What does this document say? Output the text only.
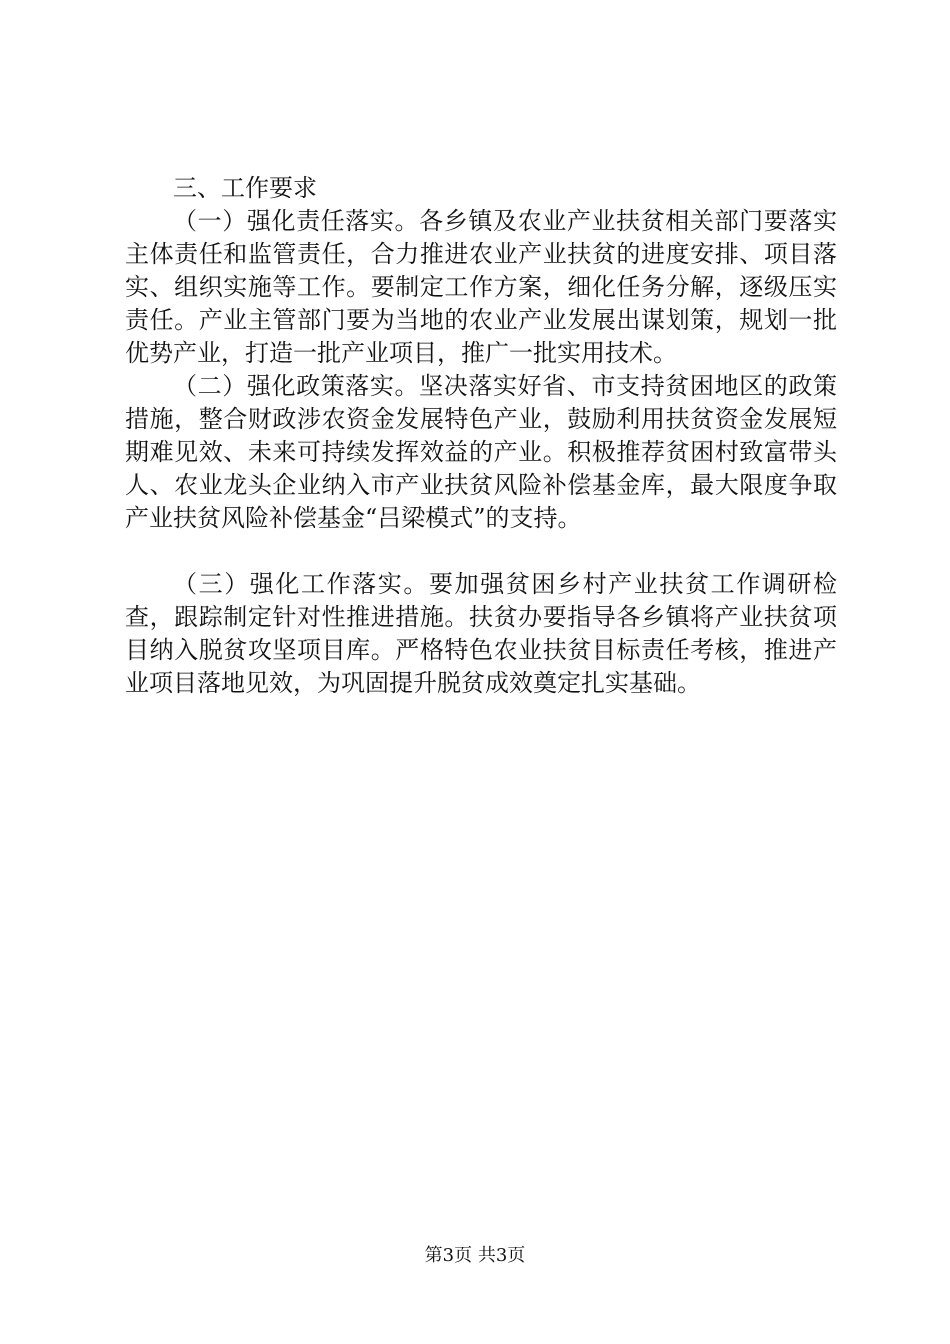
三、工作要求

（一）强化责任落实。各乡镇及农业产业扶贫相关部门要落实主体责任和监管责任，合力推进农业产业扶贫的进度安排、项目落实、组织实施等工作。要制定工作方案，细化任务分解，逐级压实责任。产业主管部门要为当地的农业产业发展出谋划策，规划一批优势产业，打造一批产业项目，推广一批实用技术。

（二）强化政策落实。坚决落实好省、市支持贫困地区的政策措施，整合财政涉农资金发展特色产业，鼓励利用扶贫资金发展短期难见效、未来可持续发挥效益的产业。积极推荐贫困村致富带头人、农业龙头企业纳入市产业扶贫风险补偿基金库，最大限度争取产业扶贫风险补偿基金“吕梁模式”的支持。

（三）强化工作落实。要加强贫困乡村产业扶贫工作调研检查，跟踪制定针对性推进措施。扶贫办要指导各乡镇将产业扶贫项目纳入脱贫攻坚项目库。严格特色农业扶贫目标责任考核，推进产业项目落地见效，为巩固提升脱贫成效奠定扎实基础。

第3页 共3页
